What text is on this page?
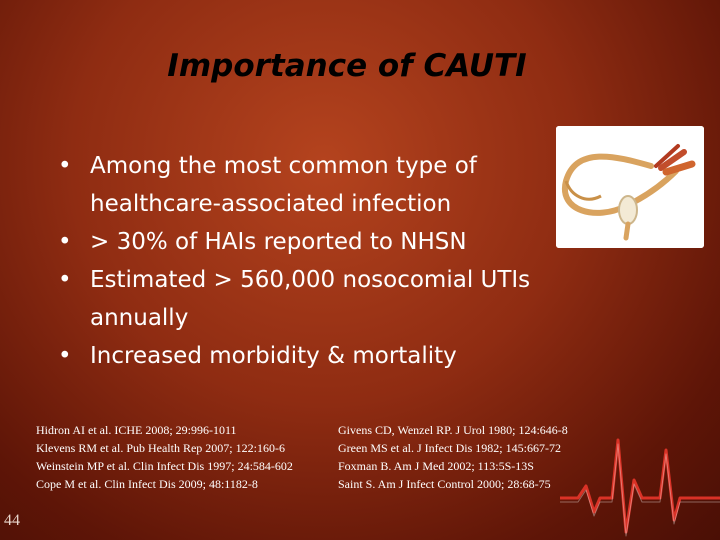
Importance of CAUTI
• Among the most common type of healthcare-associated infection
• > 30% of HAIs reported to NHSN
• Estimated > 560,000 nosocomial UTIs annually
• Increased morbidity & mortality
Hidron AI et al. ICHE 2008; 29:996-1011	Givens CD, Wenzel RP. J Urol 1980; 124:646-8
Klevens RM et al. Pub Health Rep 2007; 122:160-6	Green MS et al. J Infect Dis 1982; 145:667-72
Weinstein MP et al. Clin Infect Dis 1997; 24:584-602	Foxman B. Am J Med 2002; 113:5S-13S
Cope M et al. Clin Infect Dis 2009; 48:1182-8	Saint S. Am J Infect Control 2000; 28:68-75
44
